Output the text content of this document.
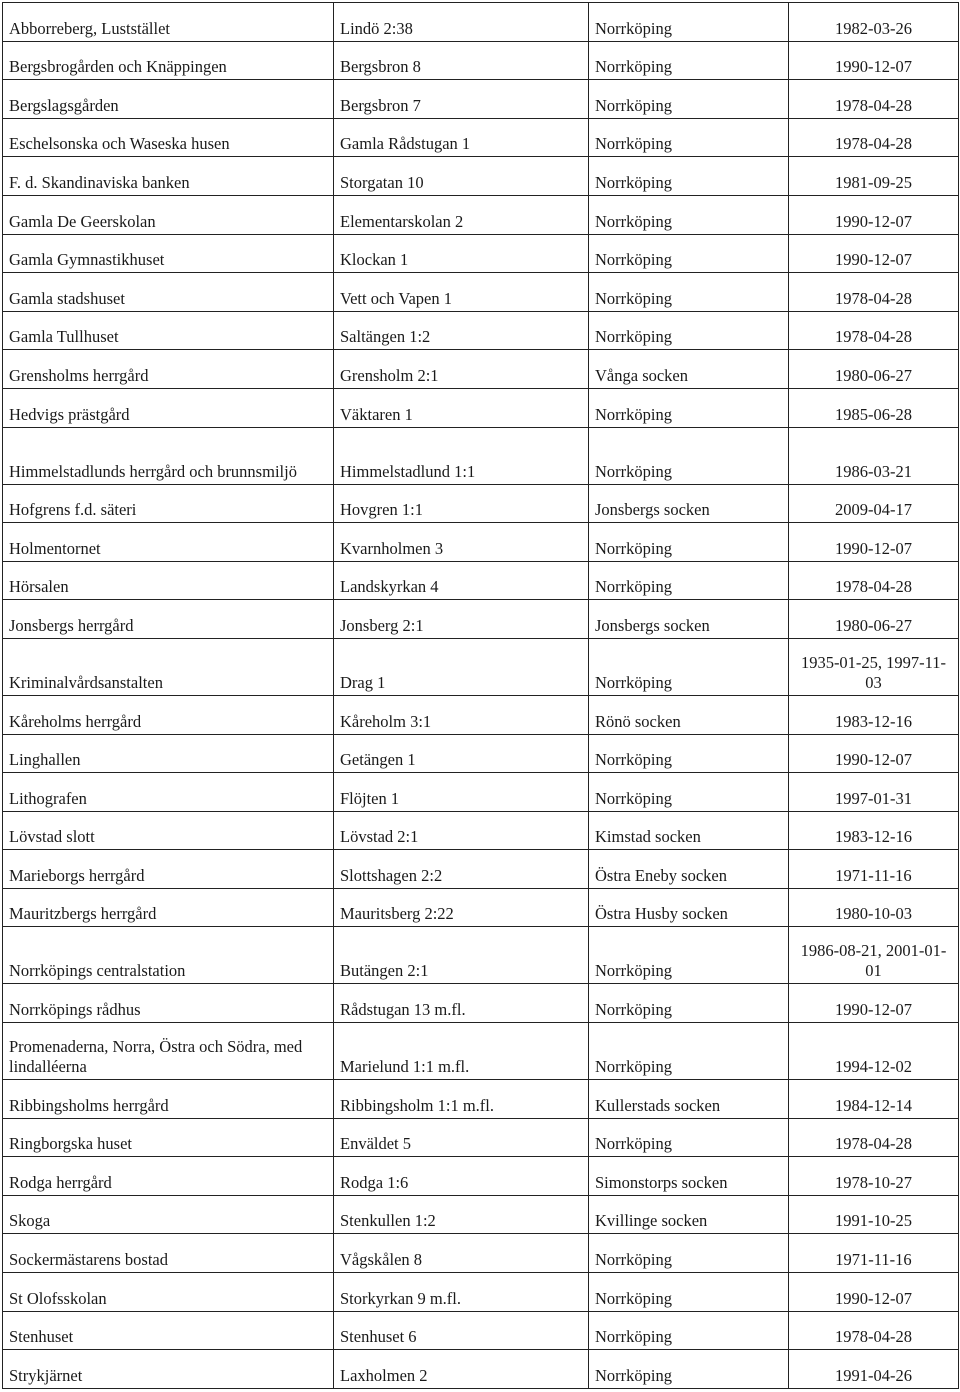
Abborreberg, Luststället	Lindö 2:38	Norrköping	1982-03-26
Bergsbrogården och Knäppingen	Bergsbron 8	Norrköping	1990-12-07
Bergslagsgården	Bergsbron 7	Norrköping	1978-04-28
Eschelsonska och Waseska husen	Gamla Rådstugan 1	Norrköping	1978-04-28
F. d. Skandinaviska banken	Storgatan 10	Norrköping	1981-09-25
Gamla De Geerskolan	Elementarskolan 2	Norrköping	1990-12-07
Gamla Gymnastikhuset	Klockan 1	Norrköping	1990-12-07
Gamla stadshuset	Vett och Vapen 1	Norrköping	1978-04-28
Gamla Tullhuset	Saltängen 1:2	Norrköping	1978-04-28
Grensholms herrgård	Grensholm 2:1	Vånga socken	1980-06-27
Hedvigs prästgård	Väktaren 1	Norrköping	1985-06-28
Himmelstadlunds herrgård och brunnsmiljö	Himmelstadlund 1:1	Norrköping	1986-03-21
Hofgrens f.d. säteri	Hovgren 1:1	Jonsbergs socken	2009-04-17
Holmentornet	Kvarnholmen 3	Norrköping	1990-12-07
Hörsalen	Landskyrkan 4	Norrköping	1978-04-28
Jonsbergs herrgård	Jonsberg 2:1	Jonsbergs socken	1980-06-27
Kriminalvårdsanstalten	Drag 1	Norrköping	1935-01-25, 1997-11-03
Kåreholms herrgård	Kåreholm 3:1	Rönö socken	1983-12-16
Linghallen	Getängen 1	Norrköping	1990-12-07
Lithografen	Flöjten 1	Norrköping	1997-01-31
Lövstad slott	Lövstad 2:1	Kimstad socken	1983-12-16
Marieborgs herrgård	Slottshagen 2:2	Östra Eneby socken	1971-11-16
Mauritzbergs herrgård	Mauritsberg 2:22	Östra Husby socken	1980-10-03
Norrköpings centralstation	Butängen 2:1	Norrköping	1986-08-21, 2001-01-01
Norrköpings rådhus	Rådstugan 13 m.fl.	Norrköping	1990-12-07
Promenaderna, Norra, Östra och Södra, med lindalléerna	Marielund 1:1 m.fl.	Norrköping	1994-12-02
Ribbingsholms herrgård	Ribbingsholm 1:1 m.fl.	Kullerstads socken	1984-12-14
Ringborgska huset	Enväldet 5	Norrköping	1978-04-28
Rodga herrgård	Rodga 1:6	Simonstorps socken	1978-10-27
Skoga	Stenkullen 1:2	Kvillinge socken	1991-10-25
Sockermästarens bostad	Vågskålen 8	Norrköping	1971-11-16
St Olofsskolan	Storkyrkan 9 m.fl.	Norrköping	1990-12-07
Stenhuset	Stenhuset 6	Norrköping	1978-04-28
Strykjärnet	Laxholmen 2	Norrköping	1991-04-26
